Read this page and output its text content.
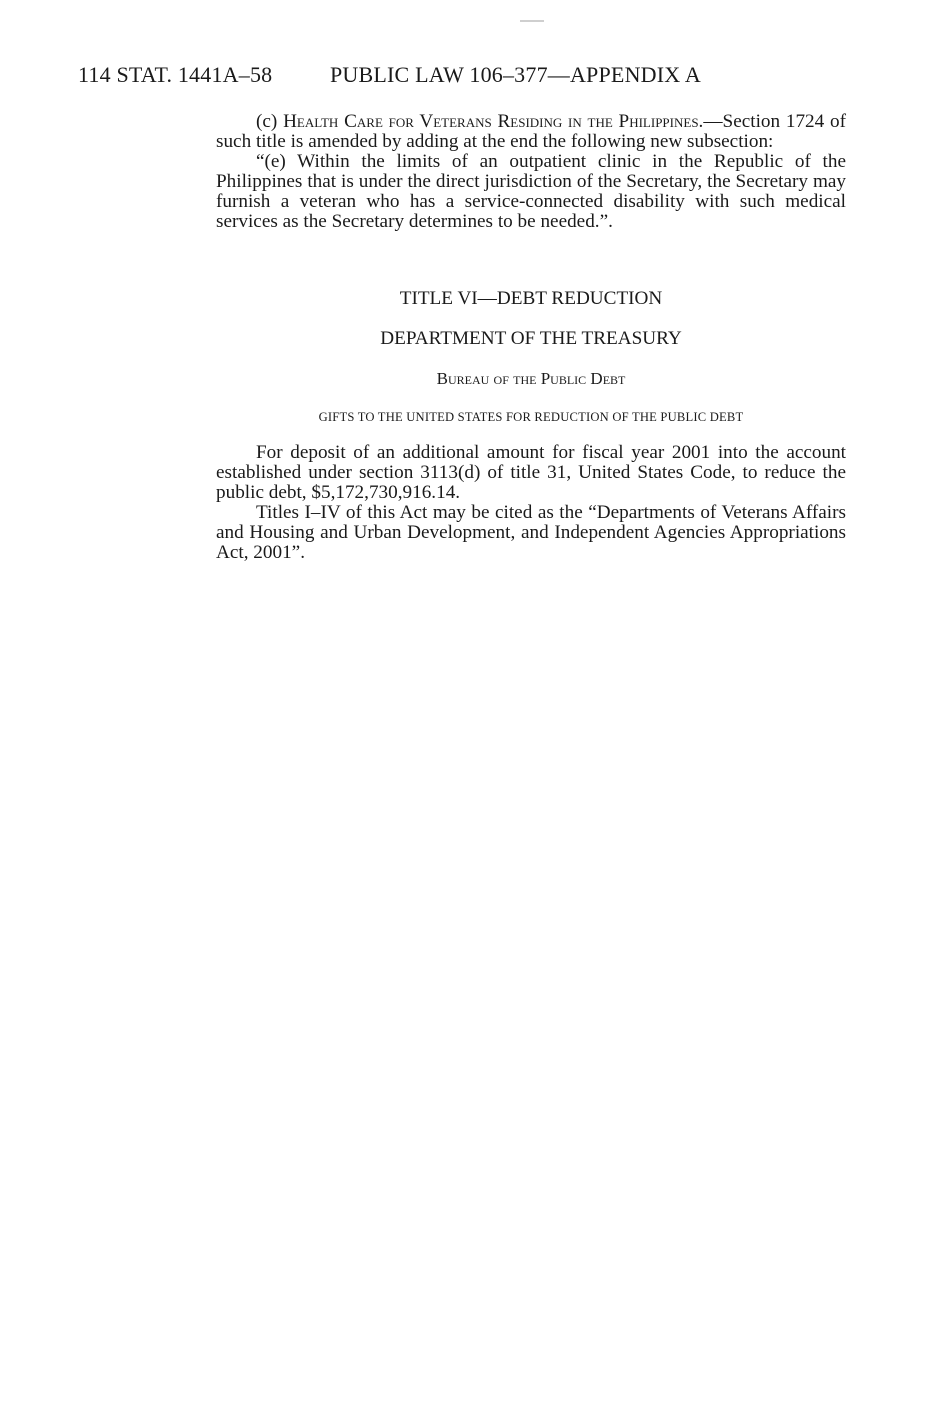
114 STAT. 1441A–58	PUBLIC LAW 106–377—APPENDIX A

(c) Health Care for Veterans Residing in the Philippines.—Section 1724 of such title is amended by adding at the end the following new subsection:

“(e) Within the limits of an outpatient clinic in the Republic of the Philippines that is under the direct jurisdiction of the Secretary, the Secretary may furnish a veteran who has a service-connected disability with such medical services as the Secretary determines to be needed.”.

TITLE VI—DEBT REDUCTION
DEPARTMENT OF THE TREASURY
Bureau of the Public Debt
GIFTS TO THE UNITED STATES FOR REDUCTION OF THE PUBLIC DEBT

For deposit of an additional amount for fiscal year 2001 into the account established under section 3113(d) of title 31, United States Code, to reduce the public debt, $5,172,730,916.14.

Titles I–IV of this Act may be cited as the “Departments of Veterans Affairs and Housing and Urban Development, and Independent Agencies Appropriations Act, 2001”.
